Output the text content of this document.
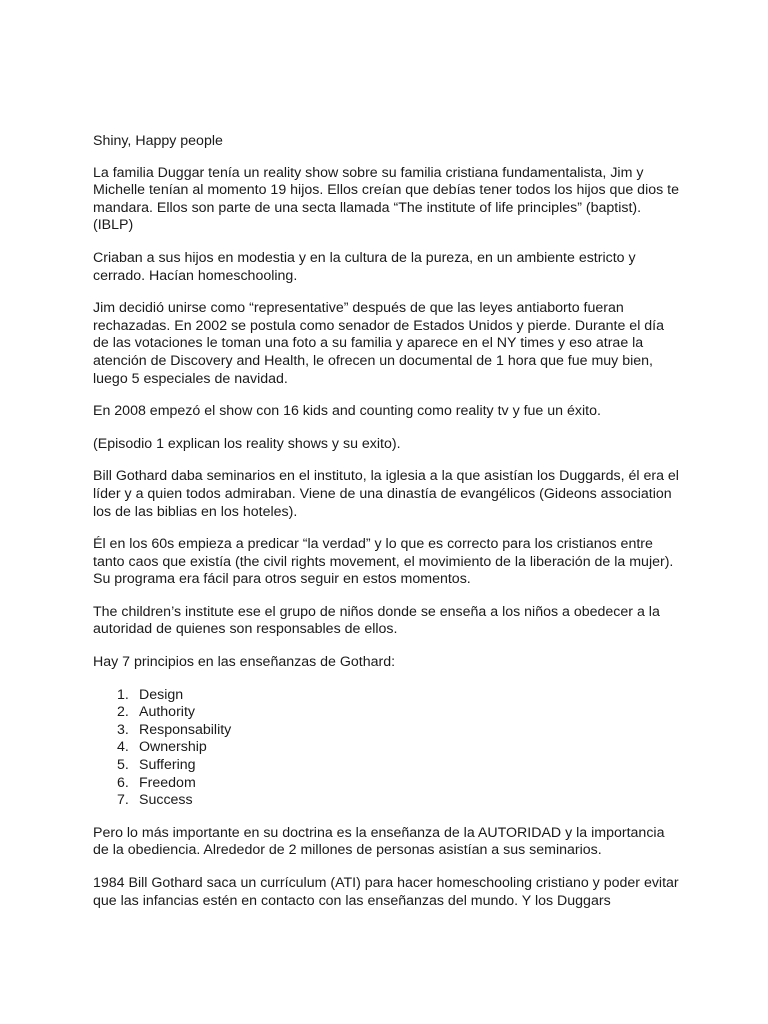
Shiny, Happy people

La familia Duggar tenía un reality show sobre su familia cristiana fundamentalista, Jim y Michelle tenían al momento 19 hijos. Ellos creían que debías tener todos los hijos que dios te mandara. Ellos son parte de una secta llamada “The institute of life principles” (baptist). (IBLP)

Criaban a sus hijos en modestia y en la cultura de la pureza, en un ambiente estricto y cerrado. Hacían homeschooling.

Jim decidió unirse como “representative” después de que las leyes antiaborto fueran rechazadas. En 2002 se postula como senador de Estados Unidos y pierde. Durante el día de las votaciones le toman una foto a su familia y aparece en el NY times y eso atrae la atención de Discovery and Health, le ofrecen un documental de 1 hora que fue muy bien, luego 5 especiales de navidad.

En 2008 empezó el show con 16 kids and counting como reality tv y fue un éxito.

(Episodio 1 explican los reality shows y su exito).

Bill Gothard daba seminarios en el instituto, la iglesia a la que asistían los Duggards, él era el líder y a quien todos admiraban. Viene de una dinastía de evangélicos (Gideons association los de las biblias en los hoteles).

Él en los 60s empieza a predicar “la verdad” y lo que es correcto para los cristianos entre tanto caos que existía (the civil rights movement, el movimiento de la liberación de la mujer). Su programa era fácil para otros seguir en estos momentos.

The children’s institute ese el grupo de niños donde se enseña a los niños a obedecer a la autoridad de quienes son responsables de ellos.

Hay 7 principios en las enseñanzas de Gothard:

1. Design
2. Authority
3. Responsability
4. Ownership
5. Suffering
6. Freedom
7. Success

Pero lo más importante en su doctrina es la enseñanza de la AUTORIDAD y la importancia de la obediencia. Alrededor de 2 millones de personas asistían a sus seminarios.

1984 Bill Gothard saca un currículum (ATI) para hacer homeschooling cristiano y poder evitar que las infancias estén en contacto con las enseñanzas del mundo. Y los Duggars
